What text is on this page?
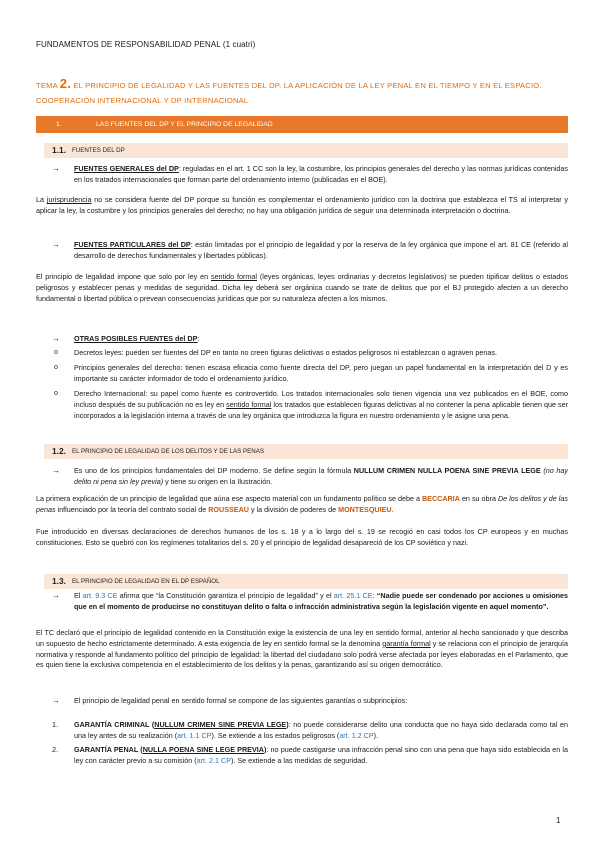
FUNDAMENTOS DE RESPONSABILIDAD PENAL (1 cuatri)
TEMA 2. EL PRINCIPIO DE LEGALIDAD Y LAS FUENTES DEL DP. LA APLICACIÓN DE LA LEY PENAL EN EL TIEMPO Y EN EL ESPACIO. COOPERACIÓN INTERNACIONAL Y DP INTERNACIONAL
1.	LAS FUENTES DEL DP Y EL PRINCIPIO DE LEGALIDAD
1.1. FUENTES DEL DP
→ FUENTES GENERALES del DP: reguladas en el art. 1 CC son la ley, la costumbre, los principios generales del derecho y las normas jurídicas contenidas en los tratados internacionales que forman parte del ordenamiento interno (publicadas en el BOE).

La jurisprudencia no se considera fuente del DP porque su función es complementar el ordenamiento jurídico con la doctrina que establezca el TS al interpretar y aplicar la ley, la costumbre y los principios generales del derecho; no hay una obligación jurídica de seguir una determinada interpretación o doctrina.

→ FUENTES PARTICULARES del DP: están limitadas por el principio de legalidad y por la reserva de la ley orgánica que impone el art. 81 CE (referido al desarrollo de derechos fundamentales y libertades públicas).

El principio de legalidad impone que solo por ley en sentido formal (leyes orgánicas, leyes ordinarias y decretos legislativos) se pueden tipificar delitos o estados peligrosos y establecer penas y medidas de seguridad. Dicha ley deberá ser orgánica cuando se trate de delitos que por el BJ protegido afecten a un derecho fundamental o libertad pública o prevean consecuencias jurídicas que por su naturaleza afecten a los mismos.

→ OTRAS POSIBLES FUENTES del DP:
o Decretos leyes: pueden ser fuentes del DP en tanto no creen figuras delictivas o estados peligrosos ni establezcan o agraven penas.
o Principios generales del derecho: tienen escasa eficacia como fuente directa del DP, pero juegan un papel fundamental en la interpretación del D y es importante su carácter informador de todo el ordenamiento jurídico.
o Derecho Internacional: su papel como fuente es controvertido. Los tratados internacionales solo tienen vigencia una vez publicados en el BOE, como incluso después de su publicación no es ley en sentido formal los tratados que establecen figuras delictivas al no contener la pena aplicable tienen que ser incorporados a la legislación interna a través de una ley orgánica que introduzca la figura en nuestro ordenamiento y le asigne una pena.
1.2. EL PRINCIPIO DE LEGALIDAD DE LOS DELITOS Y DE LAS PENAS
→ Es uno de los principios fundamentales del DP moderno. Se define según la fórmula NULLUM CRIMEN NULLA POENA SINE PREVIA LEGE (no hay delito ni pena sin ley previa) y tiene su origen en la Ilustración.

La primera explicación de un principio de legalidad que aúna ese aspecto material con un fundamento político se debe a BECCARIA en su obra De los delitos y de las penas influenciado por la teoría del contrato social de ROUSSEAU y la división de poderes de MONTESQUIEU.

Fue introducido en diversas declaraciones de derechos humanos de los s. 18 y a lo largo del s. 19 se recogió en casi todos los CP europeos y en muchas constituciones. Esto se quebró con los regímenes totalitarios del s. 20 y el principio de legalidad desapareció de los CP soviético y nazi.

1.3. EL PRINCIPIO DE LEGALIDAD EN EL DP ESPAÑOL
→ El art. 9.3 CE afirma que “la Constitución garantiza el principio de legalidad” y el art. 25.1 CE: “Nadie puede ser condenado por acciones u omisiones que en el momento de producirse no constituyan delito o falta o infracción administrativa según la legislación vigente en aquel momento”.

El TC declaró que el principio de legalidad contenido en la Constitución exige la existencia de una ley en sentido formal, anterior al hecho sancionado y que describa un supuesto de hecho estrictamente determinado. A esta exigencia de ley en sentido formal se la denomina garantía formal y se relaciona con el principio de jerarquía normativa y responde al fundamento político del principio de legalidad: la libertad del ciudadano solo podrá verse afectada por leyes elaboradas en el Parlamento, que es quien tiene la exclusiva competencia en el establecimiento de los delitos y la penas, garantizando así su origen democrático.

→ El principio de legalidad penal en sentido formal se compone de las siguientes garantías o subprincipios:
1. GARANTÍA CRIMINAL (NULLUM CRIMEN SINE PREVIA LEGE): no puede considerarse delito una conducta que no haya sido declarada como tal en una ley antes de su realización (art. 1.1 CP). Se extiende a los estados peligrosos (art. 1.2 CP).
2. GARANTÍA PENAL (NULLA POENA SINE LEGE PREVIA): no puede castigarse una infracción penal sino con una pena que haya sido establecida en la ley con carácter previo a su comisión (art. 2.1 CP). Se extiende a las medidas de seguridad.
1
